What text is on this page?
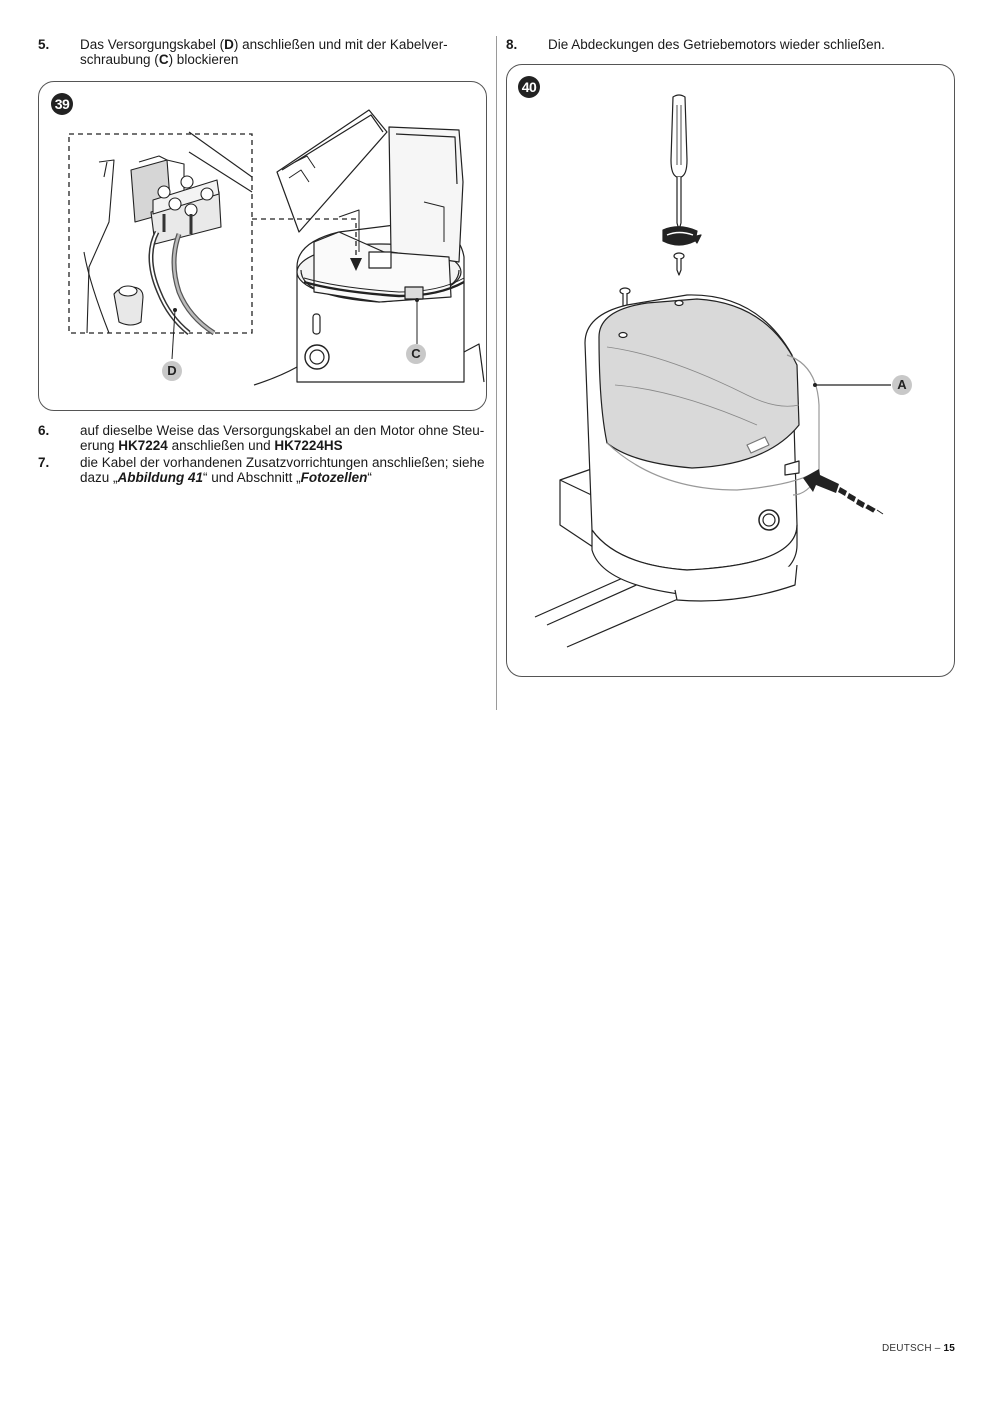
5. Das Versorgungskabel (D) anschließen und mit der Kabelver-
schraubung (C) blockieren
8. Die Abdeckungen des Getriebemotors wieder schließen.
39
D
C
6. auf dieselbe Weise das Versorgungskabel an den Motor ohne Steu-
erung HK7224 anschließen und HK7224HS
7. die Kabel der vorhandenen Zusatzvorrichtungen anschließen; siehe
dazu „Abbildung 41“ und Abschnitt „Fotozellen“
40
A
DEUTSCH – 15
